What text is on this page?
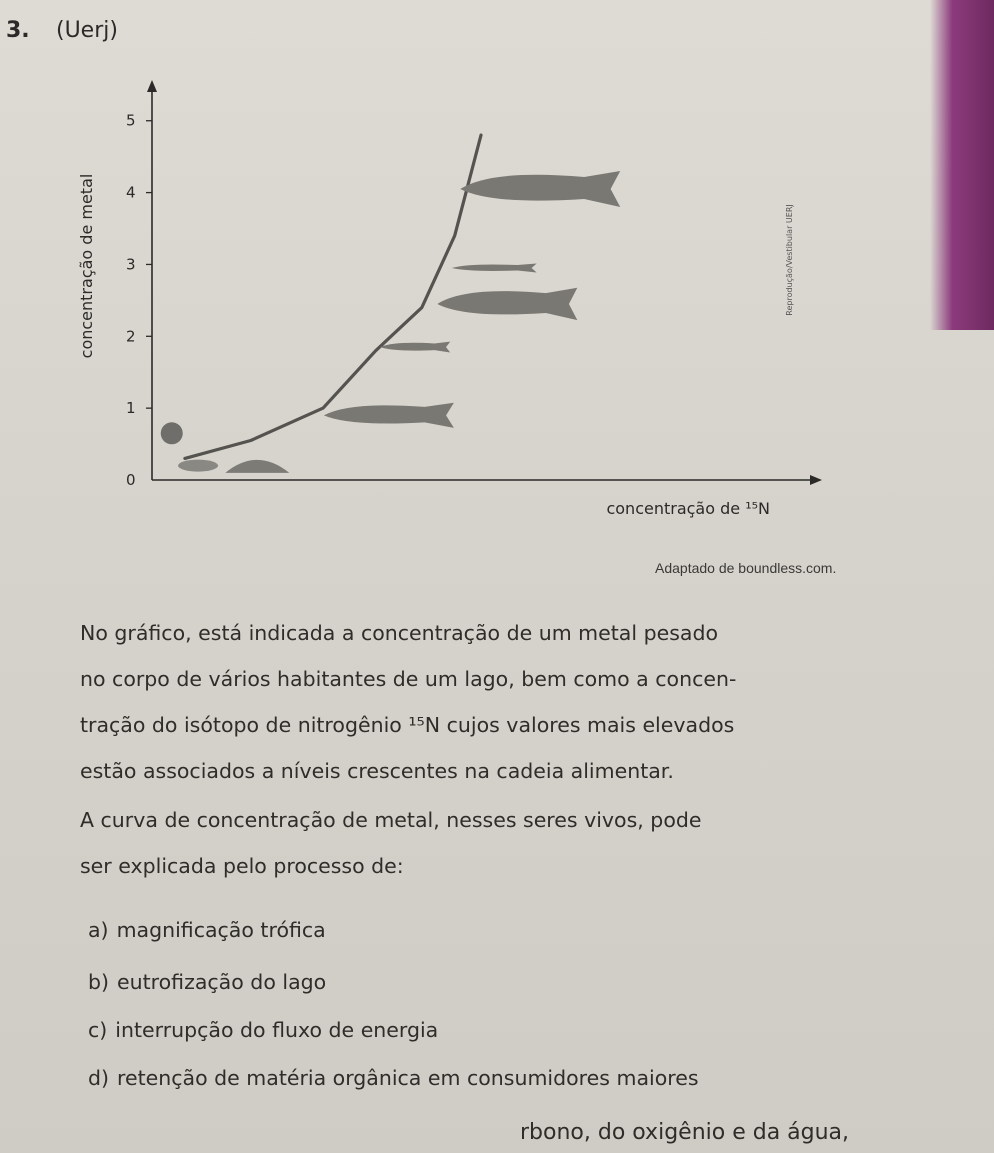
3. (Uerj)
0
1
2
3
4
5
concentração de metal
concentração de ¹⁵N
Reprodução/Vestibular UERJ
Adaptado de boundless.com.
No gráfico, está indicada a concentração de um metal pesado
no corpo de vários habitantes de um lago, bem como a concen-
tração do isótopo de nitrogênio ¹⁵N cujos valores mais elevados
estão associados a níveis crescentes na cadeia alimentar.
A curva de concentração de metal, nesses seres vivos, pode
ser explicada pelo processo de:
a) magnificação trófica
b) eutrofização do lago
c) interrupção do fluxo de energia
d) retenção de matéria orgânica em consumidores maiores
rbono, do oxigênio e da água,
